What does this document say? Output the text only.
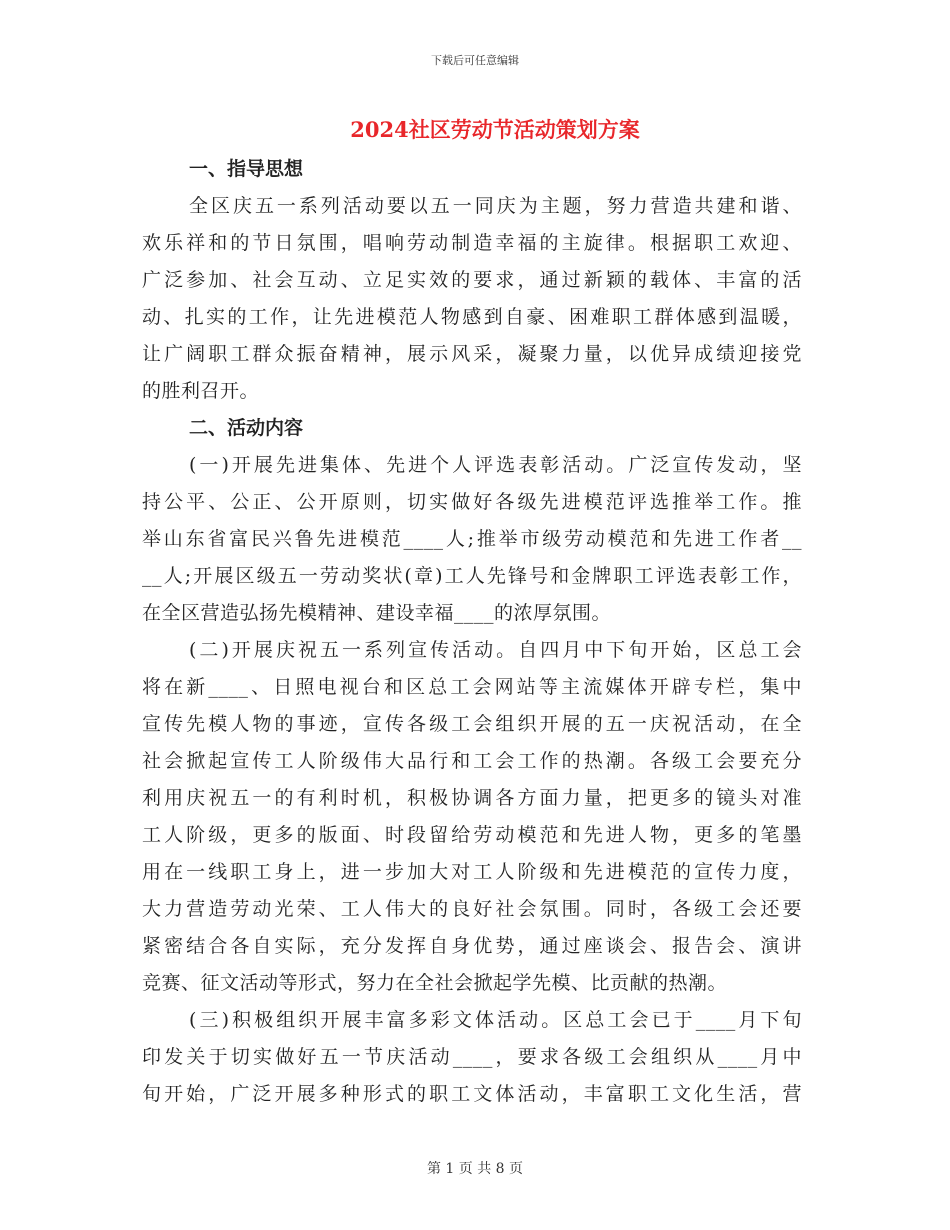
下载后可任意编辑
2024社区劳动节活动策划方案
一、指导思想
全区庆五一系列活动要以五一同庆为主题，努力营造共建和谐、
欢乐祥和的节日氛围，唱响劳动制造幸福的主旋律。根据职工欢迎、
广泛参加、社会互动、立足实效的要求，通过新颖的载体、丰富的活
动、扎实的工作，让先进模范人物感到自豪、困难职工群体感到温暖，
让广阔职工群众振奋精神，展示风采，凝聚力量，以优异成绩迎接党
的胜利召开。
二、活动内容
(一)开展先进集体、先进个人评选表彰活动。广泛宣传发动，坚
持公平、公正、公开原则，切实做好各级先进模范评选推举工作。推
举山东省富民兴鲁先进模范____人;推举市级劳动模范和先进工作者__
__人;开展区级五一劳动奖状(章)工人先锋号和金牌职工评选表彰工作，
在全区营造弘扬先模精神、建设幸福____的浓厚氛围。
(二)开展庆祝五一系列宣传活动。自四月中下旬开始，区总工会
将在新____、日照电视台和区总工会网站等主流媒体开辟专栏，集中
宣传先模人物的事迹，宣传各级工会组织开展的五一庆祝活动，在全
社会掀起宣传工人阶级伟大品行和工会工作的热潮。各级工会要充分
利用庆祝五一的有利时机，积极协调各方面力量，把更多的镜头对准
工人阶级，更多的版面、时段留给劳动模范和先进人物，更多的笔墨
用在一线职工身上，进一步加大对工人阶级和先进模范的宣传力度，
大力营造劳动光荣、工人伟大的良好社会氛围。同时，各级工会还要
紧密结合各自实际，充分发挥自身优势，通过座谈会、报告会、演讲
竞赛、征文活动等形式，努力在全社会掀起学先模、比贡献的热潮。
(三)积极组织开展丰富多彩文体活动。区总工会已于____月下旬
印发关于切实做好五一节庆活动____，要求各级工会组织从____月中
旬开始，广泛开展多种形式的职工文体活动，丰富职工文化生活，营
第 1 页 共 8 页
